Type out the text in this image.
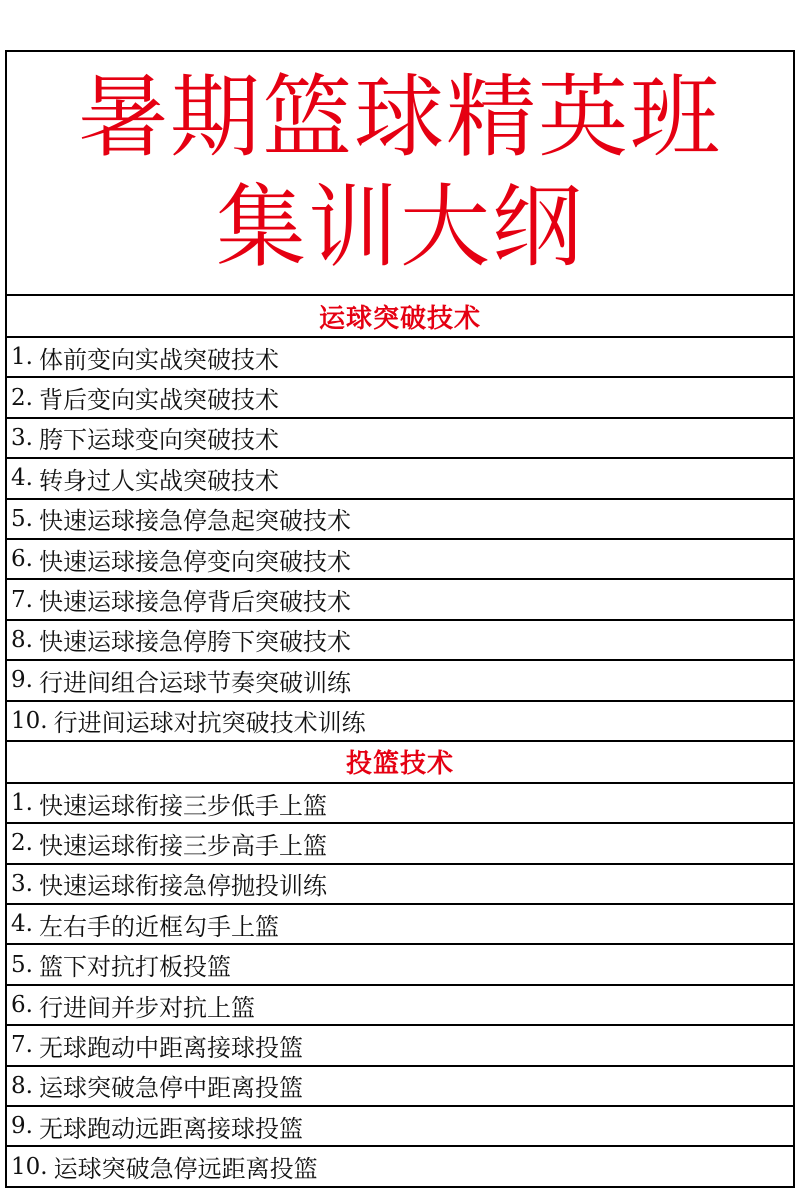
暑期篮球精英班
集训大纲
运球突破技术
1. 体前变向实战突破技术
2. 背后变向实战突破技术
3. 胯下运球变向突破技术
4. 转身过人实战突破技术
5. 快速运球接急停急起突破技术
6. 快速运球接急停变向突破技术
7. 快速运球接急停背后突破技术
8. 快速运球接急停胯下突破技术
9. 行进间组合运球节奏突破训练
10. 行进间运球对抗突破技术训练
投篮技术
1. 快速运球衔接三步低手上篮
2. 快速运球衔接三步高手上篮
3. 快速运球衔接急停抛投训练
4. 左右手的近框勾手上篮
5. 篮下对抗打板投篮
6. 行进间并步对抗上篮
7. 无球跑动中距离接球投篮
8. 运球突破急停中距离投篮
9. 无球跑动远距离接球投篮
10. 运球突破急停远距离投篮
